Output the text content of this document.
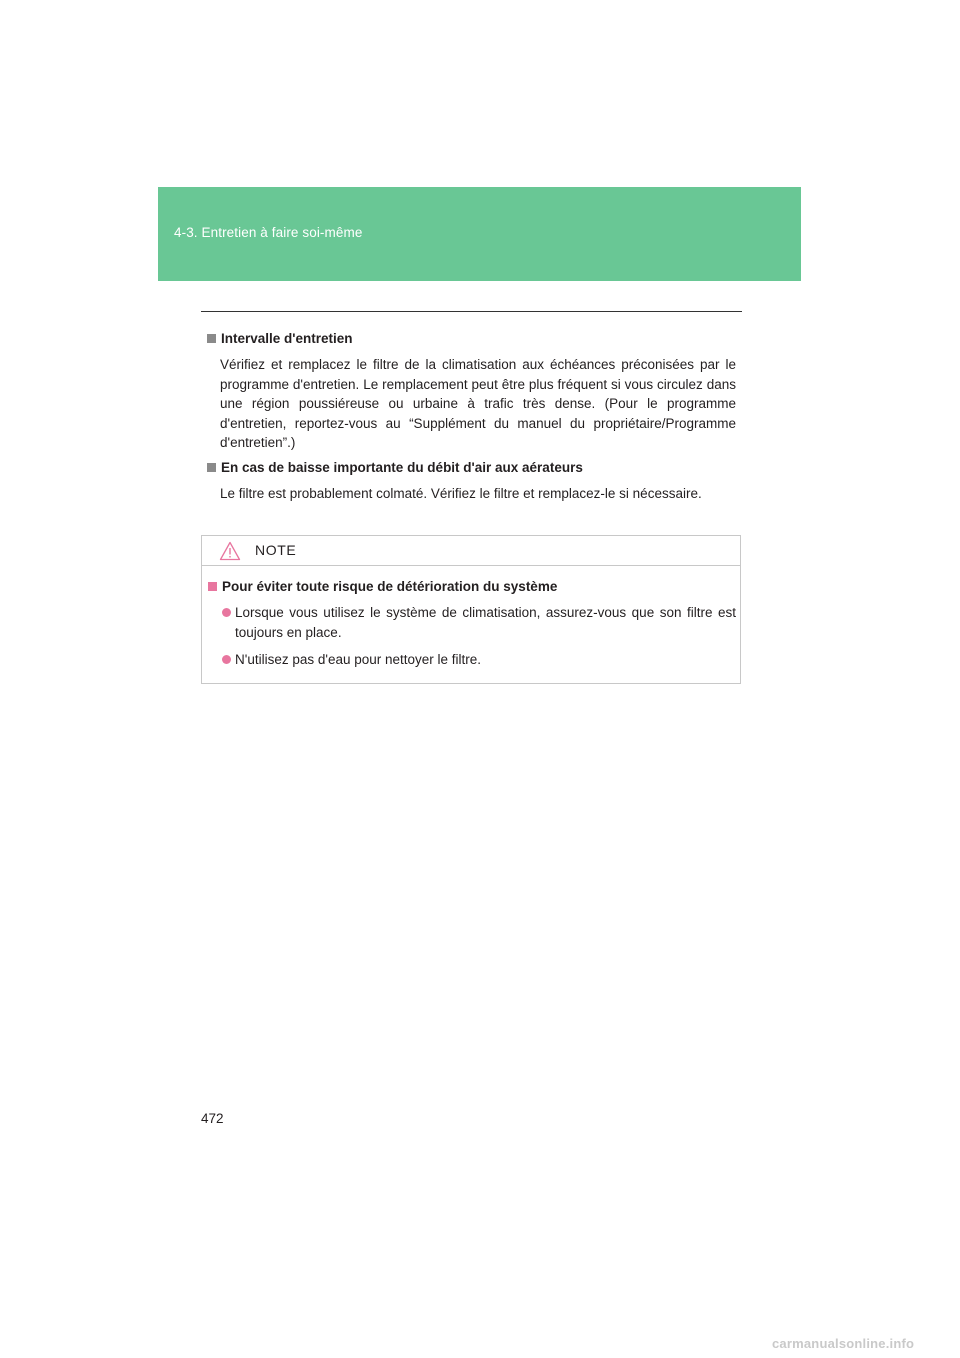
4-3. Entretien à faire soi-même
Intervalle d'entretien
Vérifiez et remplacez le filtre de la climatisation aux échéances préconisées par le programme d'entretien. Le remplacement peut être plus fréquent si vous circulez dans une région poussiéreuse ou urbaine à trafic très dense. (Pour le programme d'entretien, reportez-vous au “Supplément du manuel du propriétaire/Programme d'entretien”.)
En cas de baisse importante du débit d'air aux aérateurs
Le filtre est probablement colmaté. Vérifiez le filtre et remplacez-le si nécessaire.
NOTE
Pour éviter toute risque de détérioration du système
Lorsque vous utilisez le système de climatisation, assurez-vous que son filtre est toujours en place.
N'utilisez pas d'eau pour nettoyer le filtre.
472
carmanualsonline.info
